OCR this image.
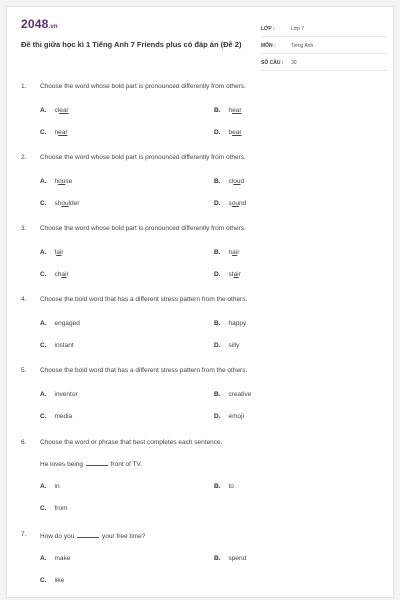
2048.vn
Đề thi giữa học kì 1 Tiếng Anh 7 Friends plus có đáp án (Đề 2)
LỚP :	Lớp 7
MÔN :	Tiếng Anh
SỐ CÂU : 30
1. Choose the word whose bold part is pronounced differently from others.
A. clear	B. hear
C. near	D. bear
2. Choose the word whose bold part is pronounced differently from others.
A. house	B. cloud
C. shoulder	D. sound
3. Choose the word whose bold part is pronounced differently from others.
A. fail	B. hair
C. chair	D. stair
4. Choose the bold word that has a different stress pattern from the others.
A. engaged	B. happy
C. instant	D. silly
5. Choose the bold word that has a different stress pattern from the others.
A. inventor	B. creative
C. media	D. emoji
6. Choose the word or phrase that best completes each sentence.
He loves being	front of TV.
A. in	B. to
C. from
7. How do you	your free time?
A. make	B. spend
C. like
